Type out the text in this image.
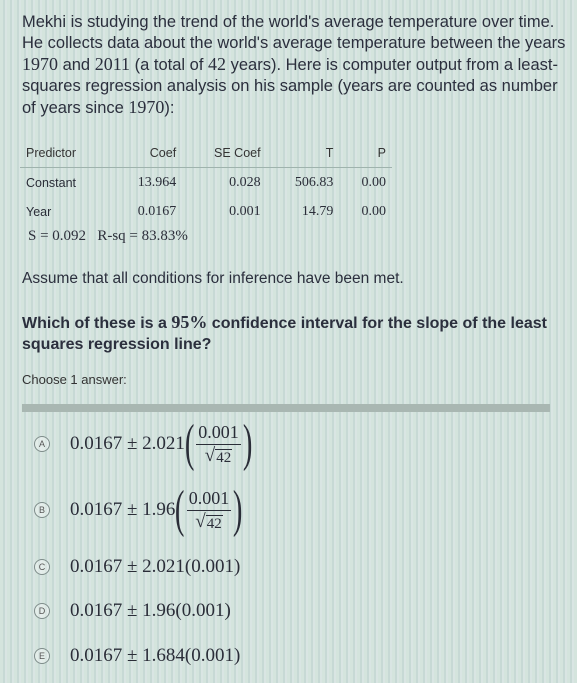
Mekhi is studying the trend of the world's average temperature over time. He collects data about the world's average temperature between the years 1970 and 2011 (a total of 42 years). Here is computer output from a least-squares regression analysis on his sample (years are counted as number of years since 1970):
Predictor	Coef	SE Coef	T	P
Constant	13.964	0.028	506.83	0.00
Year	0.0167	0.001	14.79	0.00
S = 0.092 R-sq = 83.83%
Assume that all conditions for inference have been met.
Which of these is a 95% confidence interval for the slope of the least squares regression line?
Choose 1 answer:
A 0.0167 ± 2.021 ( $\frac{0.001}{√ 42}$ )
B 0.0167 ± 1.96 ( $\frac{0.001}{√ 42}$ )
C 0.0167 ± 2.021(0.001)
D 0.0167 ± 1.96(0.001)
E 0.0167 ± 1.684(0.001)
